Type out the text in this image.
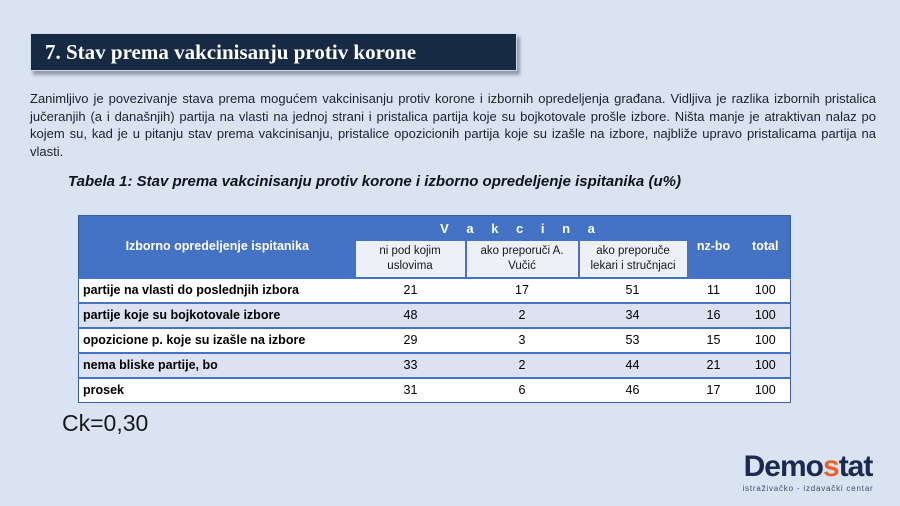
7. Stav prema vakcinisanju protiv korone
Zanimljivo je povezivanje stava prema mogućem vakcinisanju protiv korone i izbornih opredeljenja građana. Vidljiva je razlika izbornih pristalica jučeranjih (a i današnjih) partija na vlasti na jednoj strani i pristalica partija koje su bojkotovale prošle izbore. Ništa manje je atraktivan nalaz po kojem su, kad je u pitanju stav prema vakcinisanju, pristalice opozicionih partija koje su izašle na izbore, najbliže upravo pristalicama partija na vlasti.
Tabela 1: Stav prema vakcinisanju protiv korone i izborno opredeljenje ispitanika (u%)
Izborno opredeljenje ispitanika	V a k c i n a			nz-bo	total
	ni pod kojim uslovima	ako preporuči A. Vučić	ako preporuče lekari i stručnjaci		
partije na vlasti do poslednjih izbora	21	17	51	11	100
partije koje su bojkotovale izbore	48	2	34	16	100
opozicione p. koje su izašle na izbore	29	3	53	15	100
nema bliske partije, bo	33	2	44	21	100
prosek	31	6	46	17	100
Ck=0,30
Demostat
istraživačko - izdavački centar
